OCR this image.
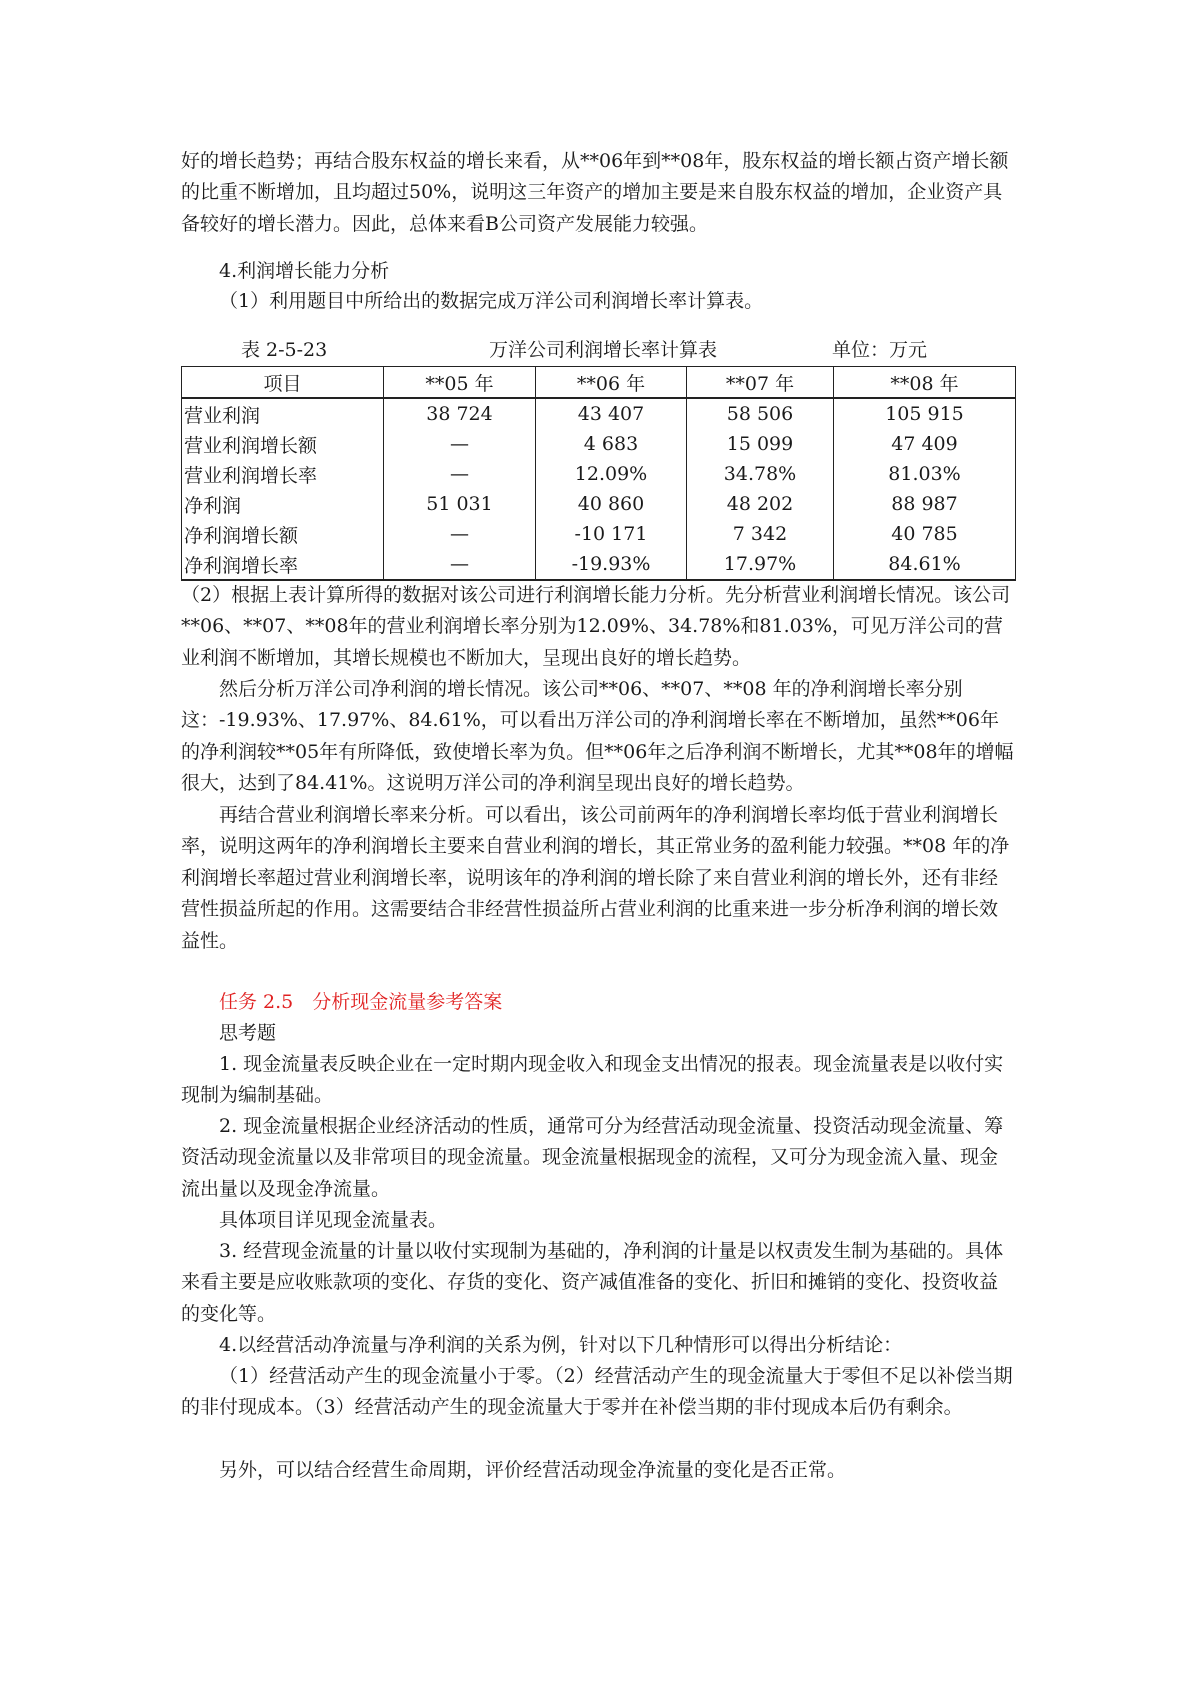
好的增长趋势；再结合股东权益的增长来看，从**06年到**08年，股东权益的增长额占资产增长额的比重不断增加，且均超过50%，说明这三年资产的增加主要是来自股东权益的增加，企业资产具备较好的增长潜力。因此，总体来看B公司资产发展能力较强。

4.利润增长能力分析

（1）利用题目中所给出的数据完成万洋公司利润增长率计算表。

表 2-5-23	万洋公司利润增长率计算表	单位：万元
项目	**05 年	**06 年	**07 年	**08 年
营业利润	38 724	43 407	58 506	105 915
营业利润增长额	—	4 683	15 099	47 409
营业利润增长率	—	12.09%	34.78%	81.03%
净利润	51 031	40 860	48 202	88 987
净利润增长额	—	-10 171	7 342	40 785
净利润增长率	—	-19.93%	17.97%	84.61%

（2）根据上表计算所得的数据对该公司进行利润增长能力分析。先分析营业利润增长情况。该公司**06、**07、**08年的营业利润增长率分别为12.09%、34.78%和81.03%，可见万洋公司的营业利润不断增加，其增长规模也不断加大，呈现出良好的增长趋势。

然后分析万洋公司净利润的增长情况。该公司**06、**07、**08 年的净利润增长率分别这：-19.93%、17.97%、84.61%，可以看出万洋公司的净利润增长率在不断增加，虽然**06年的净利润较**05年有所降低，致使增长率为负。但**06年之后净利润不断增长，尤其**08年的增幅很大，达到了84.41%。这说明万洋公司的净利润呈现出良好的增长趋势。

再结合营业利润增长率来分析。可以看出，该公司前两年的净利润增长率均低于营业利润增长率，说明这两年的净利润增长主要来自营业利润的增长，其正常业务的盈利能力较强。**08 年的净利润增长率超过营业利润增长率，说明该年的净利润的增长除了来自营业利润的增长外，还有非经营性损益所起的作用。这需要结合非经营性损益所占营业利润的比重来进一步分析净利润的增长效益性。

任务 2.5　分析现金流量参考答案

思考题

1. 现金流量表反映企业在一定时期内现金收入和现金支出情况的报表。现金流量表是以收付实现制为编制基础。

2. 现金流量根据企业经济活动的性质，通常可分为经营活动现金流量、投资活动现金流量、筹资活动现金流量以及非常项目的现金流量。现金流量根据现金的流程，又可分为现金流入量、现金流出量以及现金净流量。

具体项目详见现金流量表。

3. 经营现金流量的计量以收付实现制为基础的，净利润的计量是以权责发生制为基础的。具体来看主要是应收账款项的变化、存货的变化、资产减值准备的变化、折旧和摊销的变化、投资收益的变化等。

4.以经营活动净流量与净利润的关系为例，针对以下几种情形可以得出分析结论：

（1）经营活动产生的现金流量小于零。（2）经营活动产生的现金流量大于零但不足以补偿当期的非付现成本。（3）经营活动产生的现金流量大于零并在补偿当期的非付现成本后仍有剩余。

另外，可以结合经营生命周期，评价经营活动现金净流量的变化是否正常。
